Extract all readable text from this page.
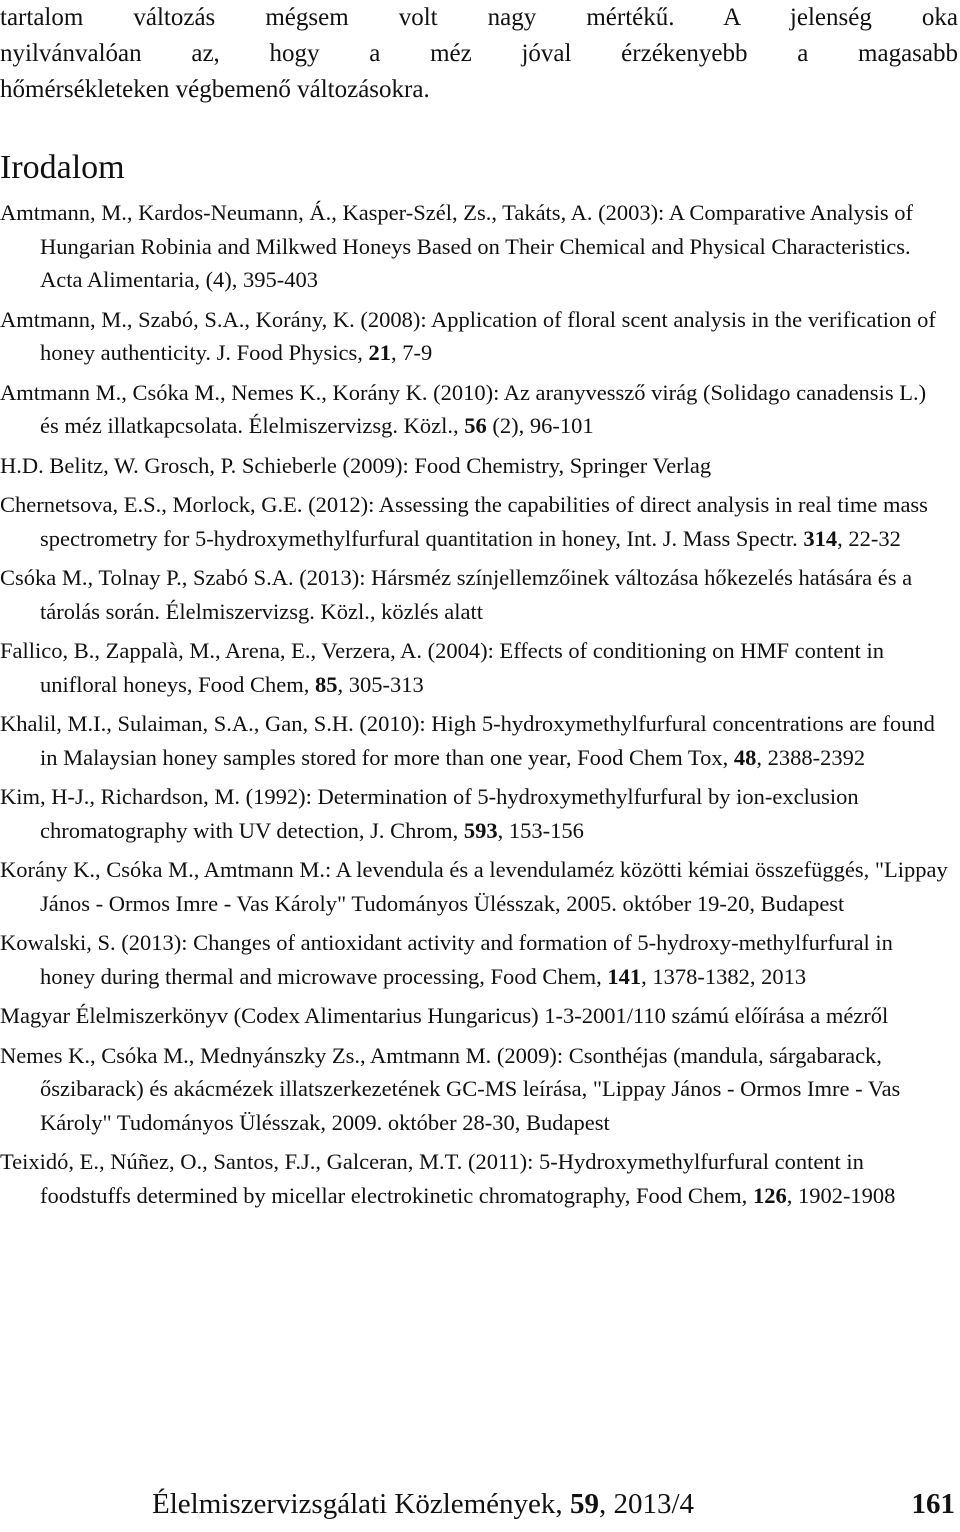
tartalom változás mégsem volt nagy mértékű. A jelenség oka
nyilvánvalóan az, hogy a méz jóval érzékenyebb a magasabb
hőmérsékleteken végbemenő változásokra.
Irodalom

Amtmann, M., Kardos-Neumann, Á., Kasper-Szél, Zs., Takáts, A. (2003): A Comparative Analysis of Hungarian Robinia and Milkwed Honeys Based on Their Chemical and Physical Characteristics. Acta Alimentaria, (4), 395-403

Amtmann, M., Szabó, S.A., Korány, K. (2008): Application of floral scent analysis in the verification of honey authenticity. J. Food Physics, 21, 7-9

Amtmann M., Csóka M., Nemes K., Korány K. (2010): Az aranyvessző virág (Solidago canadensis L.) és méz illatkapcsolata. Élelmiszervizsg. Közl., 56 (2), 96-101

H.D. Belitz, W. Grosch, P. Schieberle (2009): Food Chemistry, Springer Verlag

Chernetsova, E.S., Morlock, G.E. (2012): Assessing the capabilities of direct analysis in real time mass spectrometry for 5-hydroxymethylfurfural quantitation in honey, Int. J. Mass Spectr. 314, 22-32

Csóka M., Tolnay P., Szabó S.A. (2013): Hársméz színjellemzőinek változása hőkezelés hatására és a tárolás során. Élelmiszervizsg. Közl., közlés alatt

Fallico, B., Zappalà, M., Arena, E., Verzera, A. (2004): Effects of conditioning on HMF content in unifloral honeys, Food Chem, 85, 305-313

Khalil, M.I., Sulaiman, S.A., Gan, S.H. (2010): High 5-hydroxymethylfurfural concentrations are found in Malaysian honey samples stored for more than one year, Food Chem Tox, 48, 2388-2392

Kim, H-J., Richardson, M. (1992): Determination of 5-hydroxymethylfurfural by ion-exclusion chromatography with UV detection, J. Chrom, 593, 153-156

Korány K., Csóka M., Amtmann M.: A levendula és a levendulaméz közötti kémiai összefüggés, "Lippay János - Ormos Imre - Vas Károly" Tudományos Ülésszak, 2005. október 19-20, Budapest

Kowalski, S. (2013): Changes of antioxidant activity and formation of 5-hydroxy-methylfurfural in honey during thermal and microwave processing, Food Chem, 141, 1378-1382, 2013

Magyar Élelmiszerkönyv (Codex Alimentarius Hungaricus) 1-3-2001/110 számú előírása a mézről

Nemes K., Csóka M., Mednyánszky Zs., Amtmann M. (2009): Csonthéjas (mandula, sárgabarack, őszibarack) és akácmézek illatszerkezetének GC-MS leírása, "Lippay János - Ormos Imre - Vas Károly" Tudományos Ülésszak, 2009. október 28-30, Budapest

Teixidó, E., Núñez, O., Santos, F.J., Galceran, M.T. (2011): 5-Hydroxymethylfurfural content in foodstuffs determined by micellar electrokinetic chromatography, Food Chem, 126, 1902-1908

Élelmiszervizsgálati Közlemények, 59, 2013/4	161
